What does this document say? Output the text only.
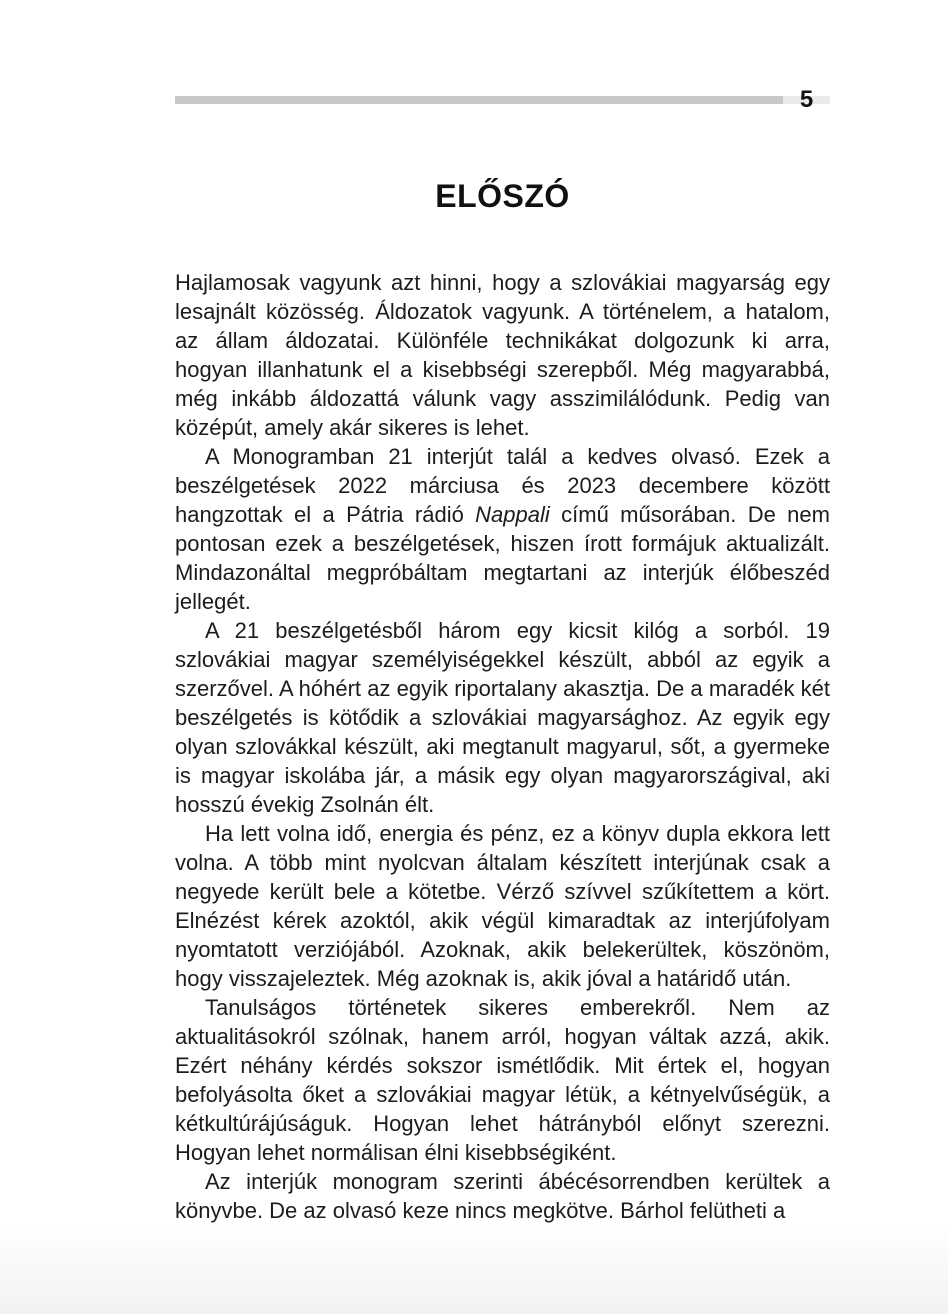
5
ELŐSZÓ

Hajlamosak vagyunk azt hinni, hogy a szlovákiai magyarság egy lesajnált közösség. Áldozatok vagyunk. A történelem, a hatalom, az állam áldozatai. Különféle technikákat dolgozunk ki arra, hogyan illanhatunk el a kisebbségi szerepből. Még magyarabbá, még inkább áldozattá válunk vagy asszimilálódunk. Pedig van középút, amely akár sikeres is lehet.

A Monogramban 21 interjút talál a kedves olvasó. Ezek a beszélgetések 2022 márciusa és 2023 decembere között hangzottak el a Pátria rádió Nappali című műsorában. De nem pontosan ezek a beszélgetések, hiszen írott formájuk aktualizált. Mindazonáltal megpróbáltam megtartani az interjúk élőbeszéd jellegét.

A 21 beszélgetésből három egy kicsit kilóg a sorból. 19 szlovákiai magyar személyiségekkel készült, abból az egyik a szerzővel. A hóhért az egyik riportalany akasztja. De a maradék két beszélgetés is kötődik a szlovákiai magyarsághoz. Az egyik egy olyan szlovákkal készült, aki megtanult magyarul, sőt, a gyermeke is magyar iskolába jár, a másik egy olyan magyarországival, aki hosszú évekig Zsolnán élt.

Ha lett volna idő, energia és pénz, ez a könyv dupla ekkora lett volna. A több mint nyolcvan általam készített interjúnak csak a negyede került bele a kötetbe. Vérző szívvel szűkítettem a kört. Elnézést kérek azoktól, akik végül kimaradtak az interjúfolyam nyomtatott verziójából. Azoknak, akik belekerültek, köszönöm, hogy visszajeleztek. Még azoknak is, akik jóval a határidő után.

Tanulságos történetek sikeres emberekről. Nem az aktualitásokról szólnak, hanem arról, hogyan váltak azzá, akik. Ezért néhány kérdés sokszor ismétlődik. Mit értek el, hogyan befolyásolta őket a szlovákiai magyar létük, a kétnyelvűségük, a kétkultúrájúságuk. Hogyan lehet hátrányból előnyt szerezni. Hogyan lehet normálisan élni kisebbségiként.

Az interjúk monogram szerinti ábécésorrendben kerültek a könyvbe. De az olvasó keze nincs megkötve. Bárhol felütheti a
